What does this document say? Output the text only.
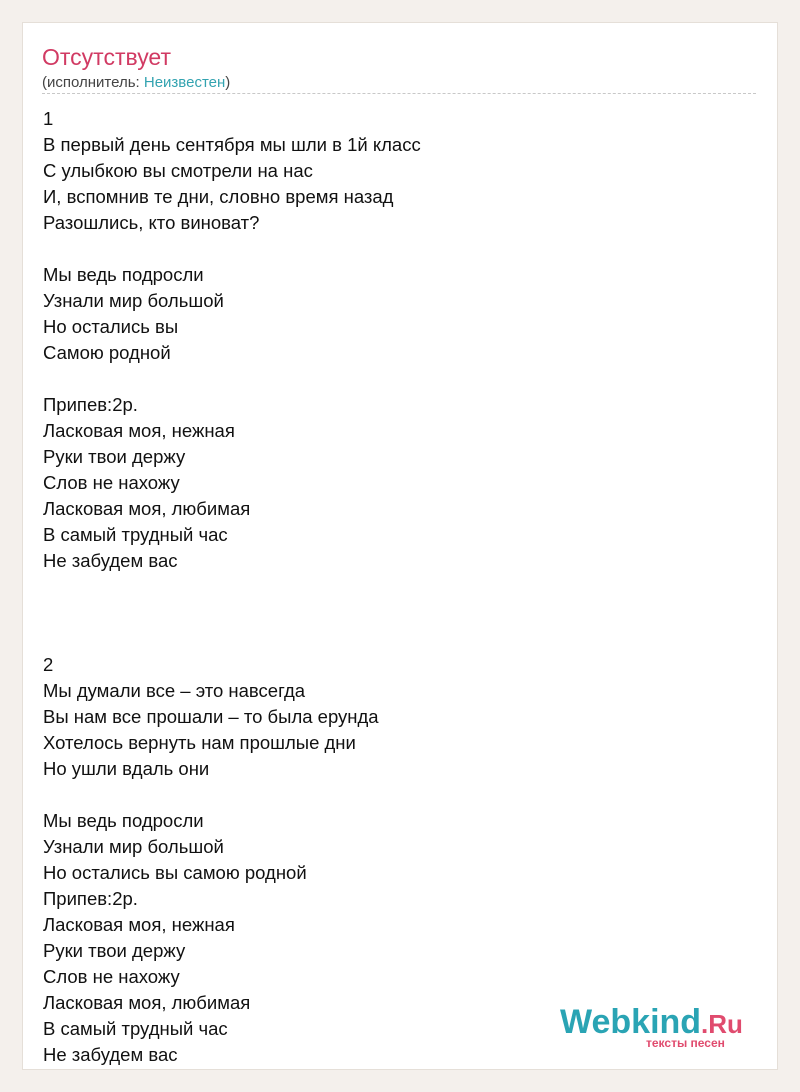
Отсутствует
(исполнитель: Неизвестен)
1
В первый день сентября мы шли в 1й класс
С улыбкою вы смотрели на нас
И, вспомнив те дни, словно время назад
Разошлись, кто виноват?
Мы ведь подросли
Узнали мир большой
Но остались вы
Самою родной
Припев:2р.
Ласковая моя, нежная
Руки твои держу
Слов не нахожу
Ласковая моя, любимая
В самый трудный час
Не забудем вас
2
Мы думали все – это навсегда
Вы нам все прошали – то была ерунда
Хотелось вернуть нам прошлые дни
Но ушли вдаль они
Мы ведь подросли
Узнали мир большой
Но остались вы самою родной
Припев:2р.
Ласковая моя, нежная
Руки твои держу
Слов не нахожу
Ласковая моя, любимая
В самый трудный час
Не забудем вас
Webkind.Ru
тексты песен
